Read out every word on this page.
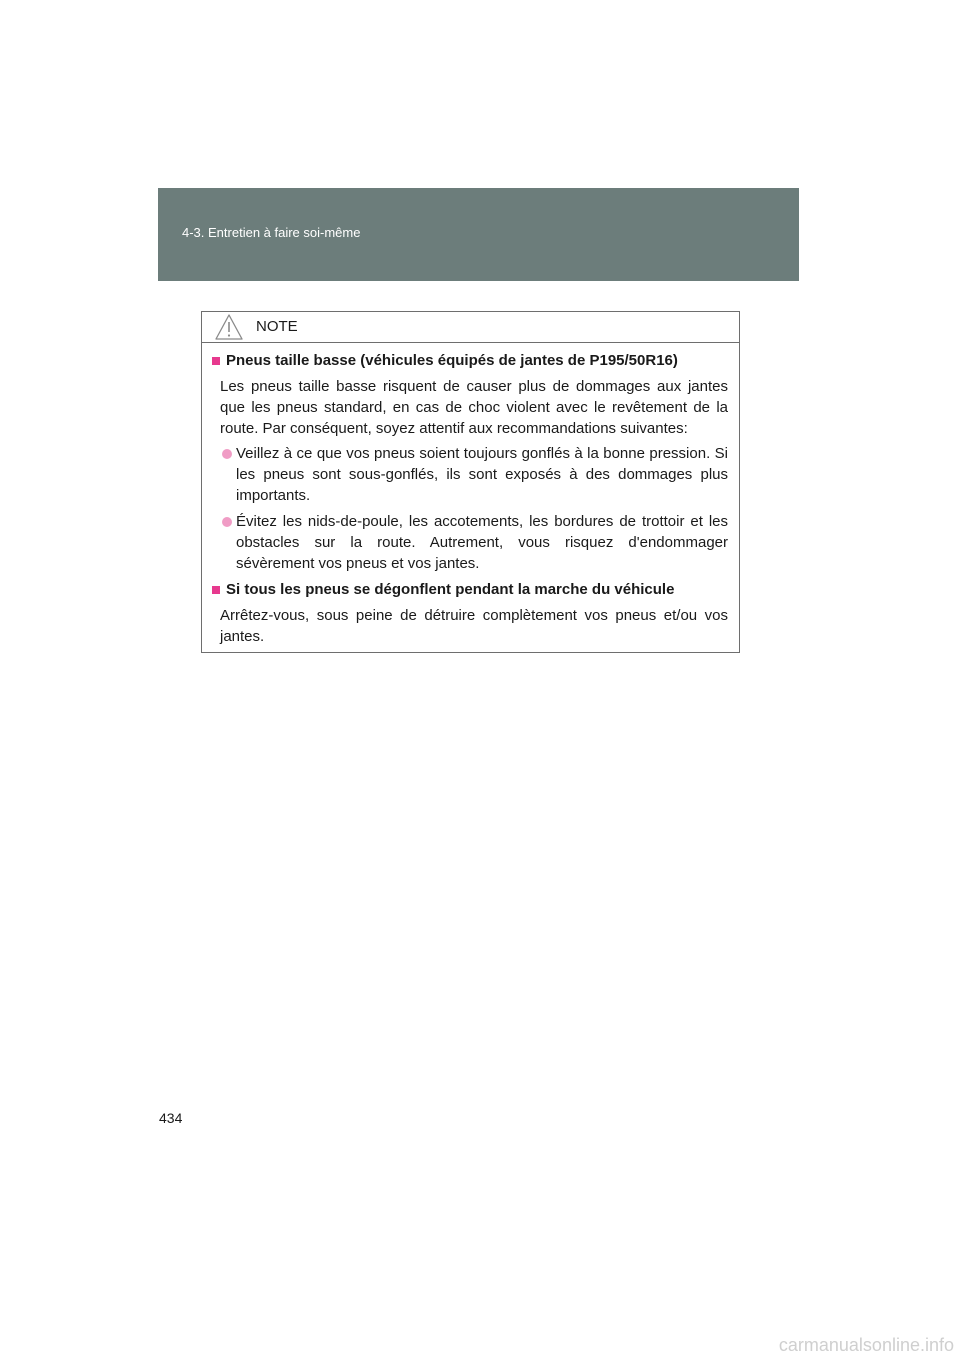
4-3. Entretien à faire soi-même
NOTE
Pneus taille basse (véhicules équipés de jantes de P195/50R16)

Les pneus taille basse risquent de causer plus de dommages aux jantes que les pneus standard, en cas de choc violent avec le revêtement de la route. Par conséquent, soyez attentif aux recommandations suivantes:

Veillez à ce que vos pneus soient toujours gonflés à la bonne pression. Si les pneus sont sous-gonflés, ils sont exposés à des dommages plus importants.
Évitez les nids-de-poule, les accotements, les bordures de trottoir et les obstacles sur la route. Autrement, vous risquez d'endommager sévèrement vos pneus et vos jantes.
Si tous les pneus se dégonflent pendant la marche du véhicule

Arrêtez-vous, sous peine de détruire complètement vos pneus et/ou vos jantes.

434
carmanualsonline.info
